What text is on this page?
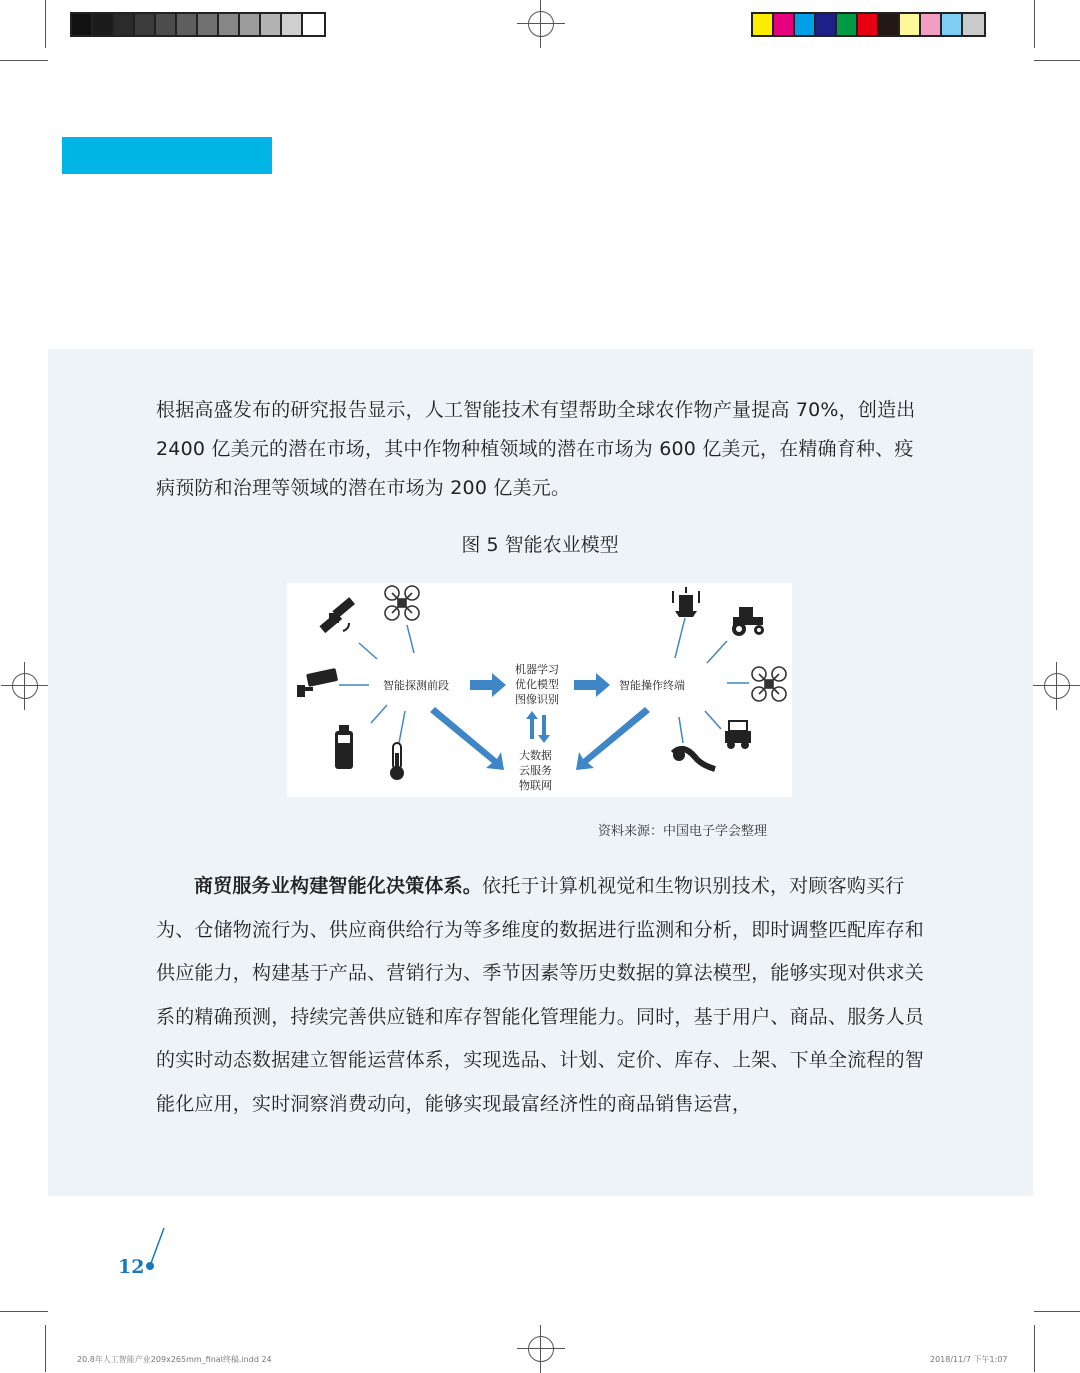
根据高盛发布的研究报告显示，人工智能技术有望帮助全球农作物产量提高 70%，创造出 2400 亿美元的潜在市场，其中作物种植领域的潜在市场为 600 亿美元，在精确育种、疫病预防和治理等领域的潜在市场为 200 亿美元。
图 5 智能农业模型
智能探测前段
机器学习
优化模型
图像识别
智能操作终端
大数据
云服务
物联网
资料来源：中国电子学会整理
商贸服务业构建智能化决策体系。依托于计算机视觉和生物识别技术，对顾客购买行为、仓储物流行为、供应商供给行为等多维度的数据进行监测和分析，即时调整匹配库存和供应能力，构建基于产品、营销行为、季节因素等历史数据的算法模型，能够实现对供求关系的精确预测，持续完善供应链和库存智能化管理能力。同时，基于用户、商品、服务人员的实时动态数据建立智能运营体系，实现选品、计划、定价、库存、上架、下单全流程的智能化应用，实时洞察消费动向，能够实现最富经济性的商品销售运营，
12
20.8年人工智能产业209x265mm_final终稿.indd 24	2018/11/7 下午1:07
